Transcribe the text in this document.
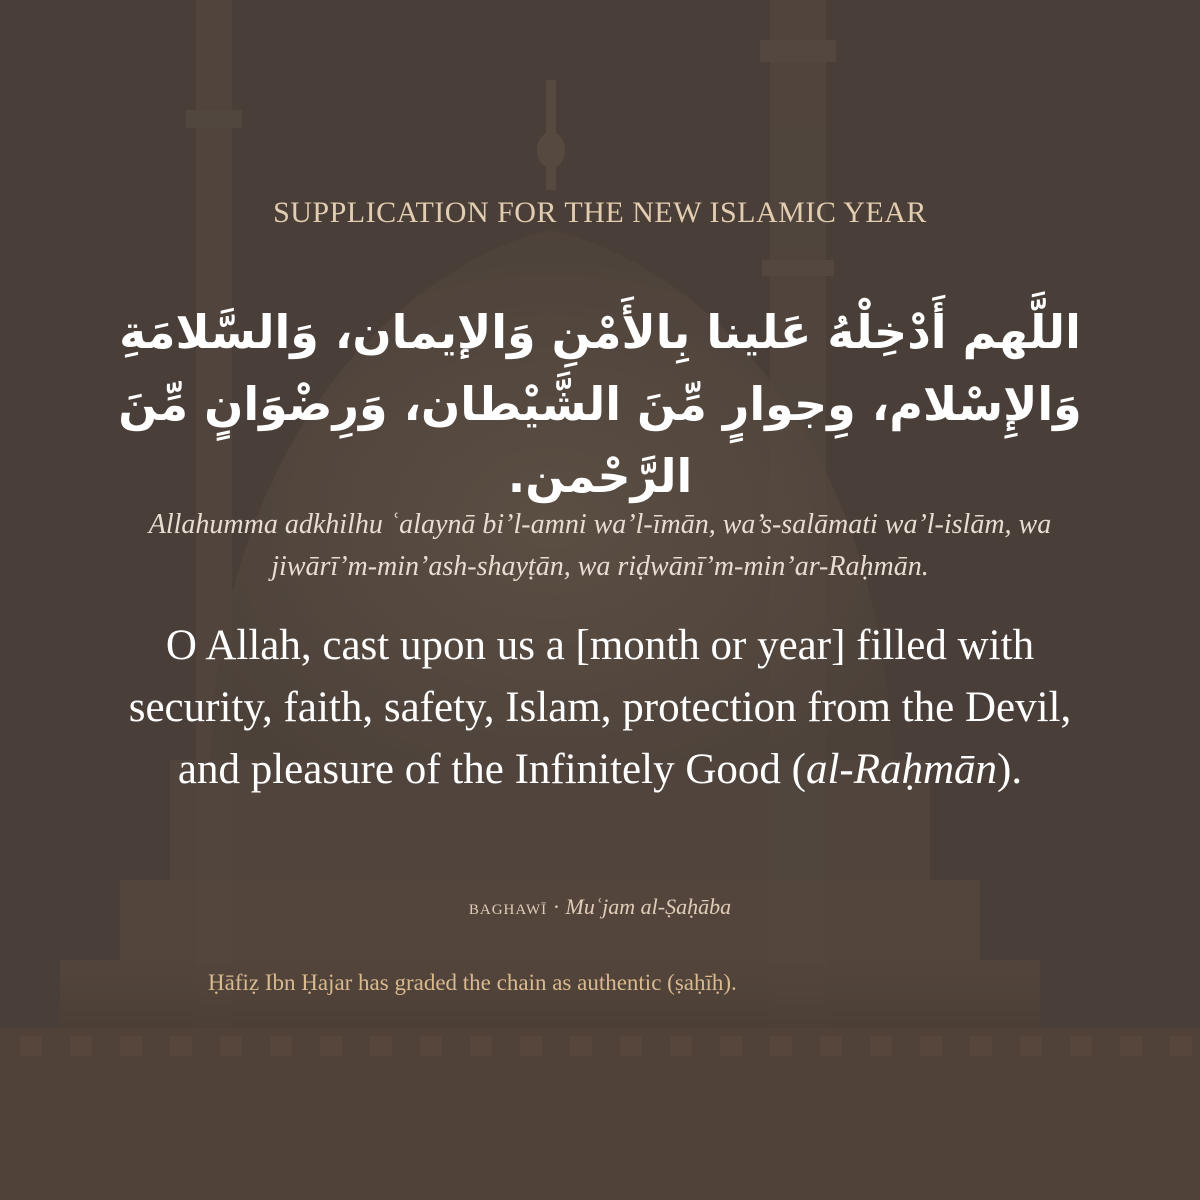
SUPPLICATION FOR THE NEW ISLAMIC YEAR
اللَّهم أَدْخِلْهُ عَلينا بِالأَمْنِ وَالإيمان، وَالسَّلامَةِ وَالإِسْلام، وِجوارٍ مِّنَ الشَّيْطان، وَرِضْوَانٍ مِّنَ الرَّحْمن.
Allahumma adkhilhu ʿalaynā bi’l-amni wa’l-īmān, wa’s-salāmati wa’l-islām, wa jiwārī’m-min’ash-shayṭān, wa riḍwānī’m-min’ar-Raḥmān.
O Allah, cast upon us a [month or year] filled with security, faith, safety, Islam, protection from the Devil, and pleasure of the Infinitely Good (al-Raḥmān).
BAGHAWĪ · Muʿjam al-Ṣaḥāba
Ḥāfiẓ Ibn Ḥajar has graded the chain as authentic (ṣaḥīḥ).
